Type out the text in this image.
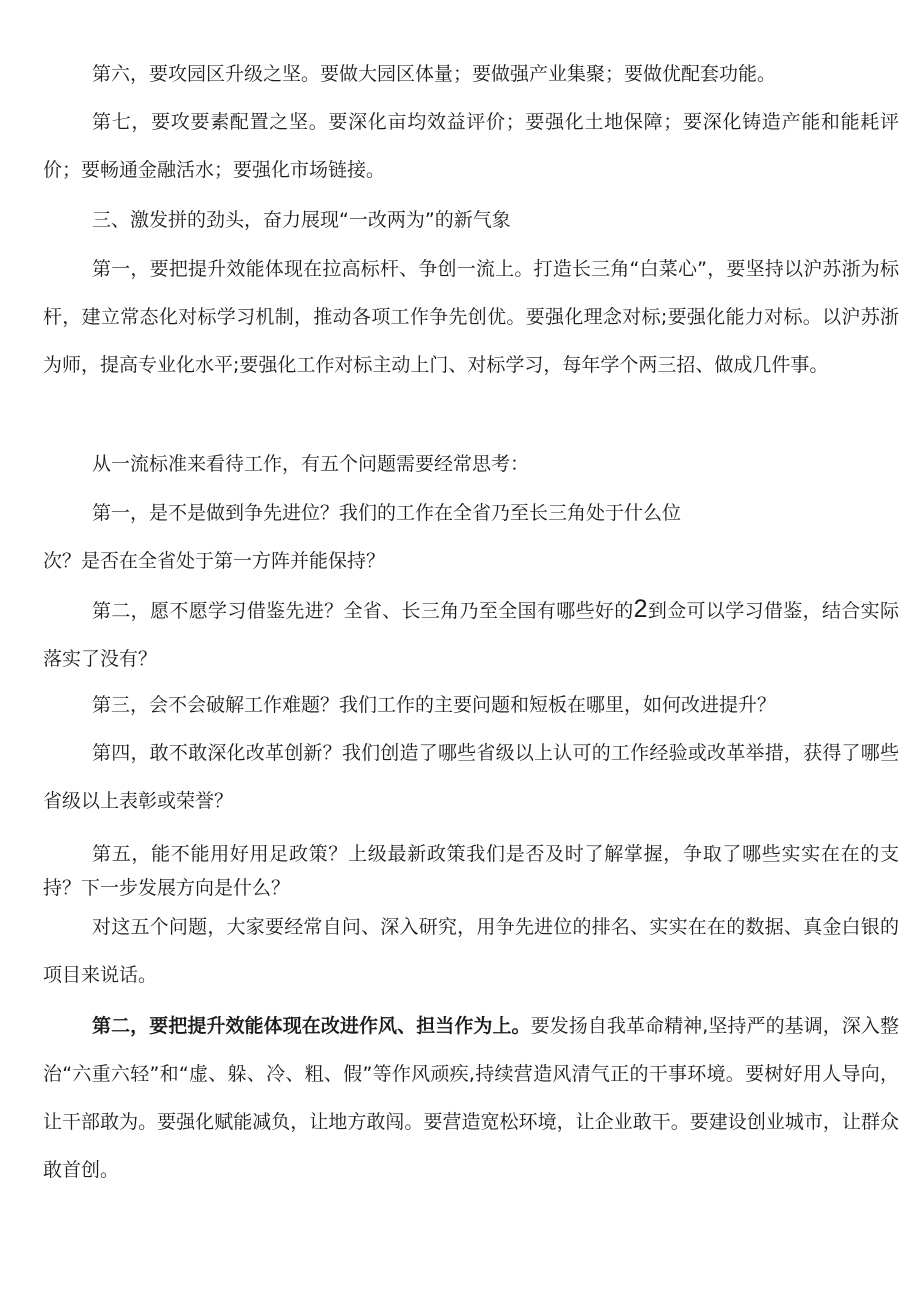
第六，要攻园区升级之坚。要做大园区体量；要做强产业集聚；要做优配套功能。

第七，要攻要素配置之坚。要深化亩均效益评价；要强化土地保障；要深化铸造产能和能耗评价；要畅通金融活水；要强化市场链接。

三、激发拼的劲头，奋力展现“一改两为”的新气象

第一，要把提升效能体现在拉高标杆、争创一流上。打造长三角“白菜心”，要坚持以沪苏浙为标杆，建立常态化对标学习机制，推动各项工作争先创优。要强化理念对标;要强化能力对标。以沪苏浙为师，提高专业化水平;要强化工作对标主动上门、对标学习，每年学个两三招、做成几件事。

从一流标准来看待工作，有五个问题需要经常思考：

第一，是不是做到争先进位？我们的工作在全省乃至长三角处于什么位

次？是否在全省处于第一方阵并能保持？

第二，愿不愿学习借鉴先进？全省、长三角乃至全国有哪些好的2到佥可以学习借鉴，结合实际落实了没有？

第三，会不会破解工作难题？我们工作的主要问题和短板在哪里，如何改进提升？

第四，敢不敢深化改革创新？我们创造了哪些省级以上认可的工作经验或改革举措，获得了哪些省级以上表彰或荣誉？

第五，能不能用好用足政策？上级最新政策我们是否及时了解掌握，争取了哪些实实在在的支持？下一步发展方向是什么？

对这五个问题，大家要经常自问、深入研究，用争先进位的排名、实实在在的数据、真金白银的项目来说话。

第二，要把提升效能体现在改进作风、担当作为上。要发扬自我革命精神,坚持严的基调，深入整治“六重六轻”和“虚、躲、冷、粗、假”等作风顽疾,持续营造风清气正的干事环境。要树好用人导向，让干部敢为。要强化赋能减负，让地方敢闯。要营造宽松环境，让企业敢干。要建设创业城市，让群众敢首创。
